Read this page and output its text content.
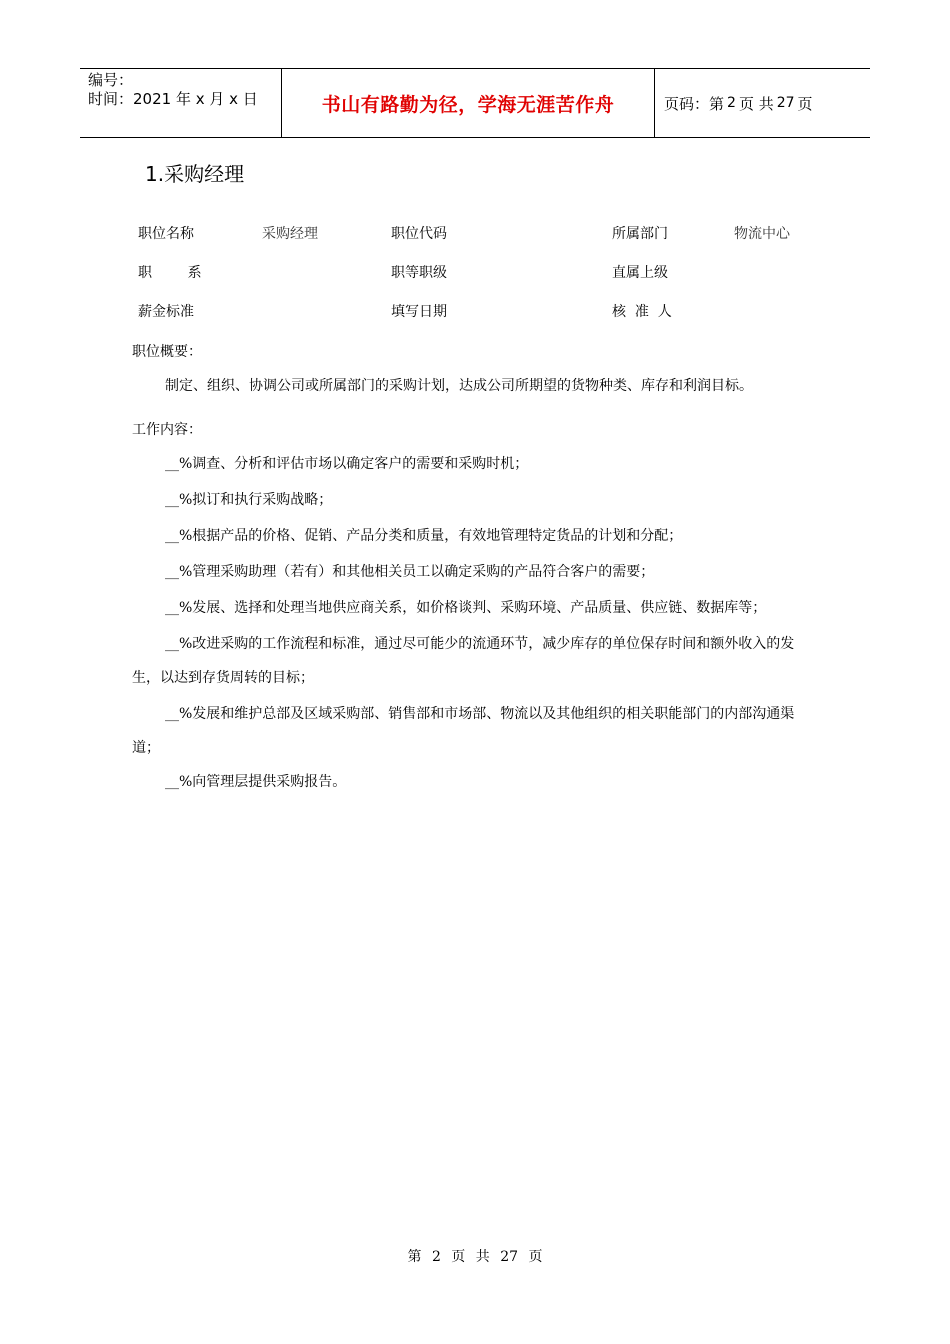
编号：
时间：2021 年 x 月 x 日	书山有路勤为径，学海无涯苦作舟	页码：第 2 页 共 27 页
1.采购经理
职位名称	采购经理	职位代码	所属部门	物流中心
职        系	职等职级	直属上级
薪金标准	填写日期	核  准  人
职位概要：
制定、组织、协调公司或所属部门的采购计划，达成公司所期望的货物种类、库存和利润目标。
工作内容：
__%调查、分析和评估市场以确定客户的需要和采购时机；
__%拟订和执行采购战略；
__%根据产品的价格、促销、产品分类和质量，有效地管理特定货品的计划和分配；
__%管理采购助理（若有）和其他相关员工以确定采购的产品符合客户的需要；
__%发展、选择和处理当地供应商关系，如价格谈判、采购环境、产品质量、供应链、数据库等；
__%改进采购的工作流程和标准，通过尽可能少的流通环节，减少库存的单位保存时间和额外收入的发生，以达到存货周转的目标；
__%发展和维护总部及区域采购部、销售部和市场部、物流以及其他组织的相关职能部门的内部沟通渠道；
__%向管理层提供采购报告。
第 2 页 共 27 页
